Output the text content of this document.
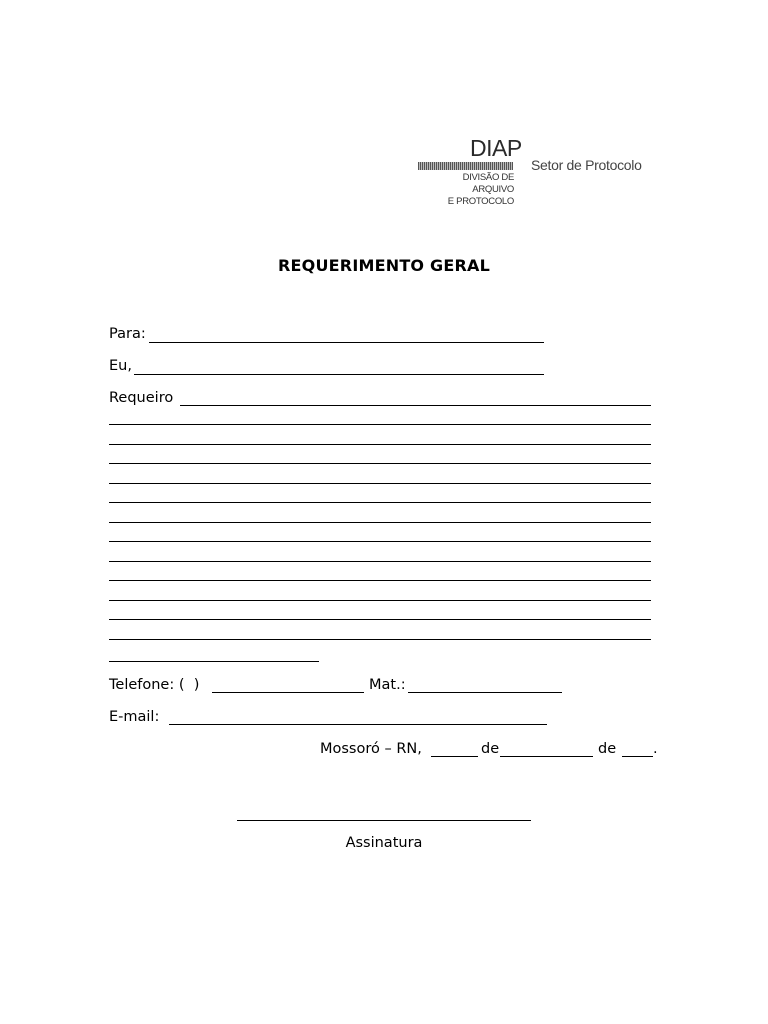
DIAP
DIVISÃO DE ARQUIVO
E PROTOCOLO
Setor de Protocolo
REQUERIMENTO GERAL
Para:
Eu,
Requeiro
Telefone: (  )	Mat.:
E-mail:
Mossoró – RN,	de	de	.
Assinatura
